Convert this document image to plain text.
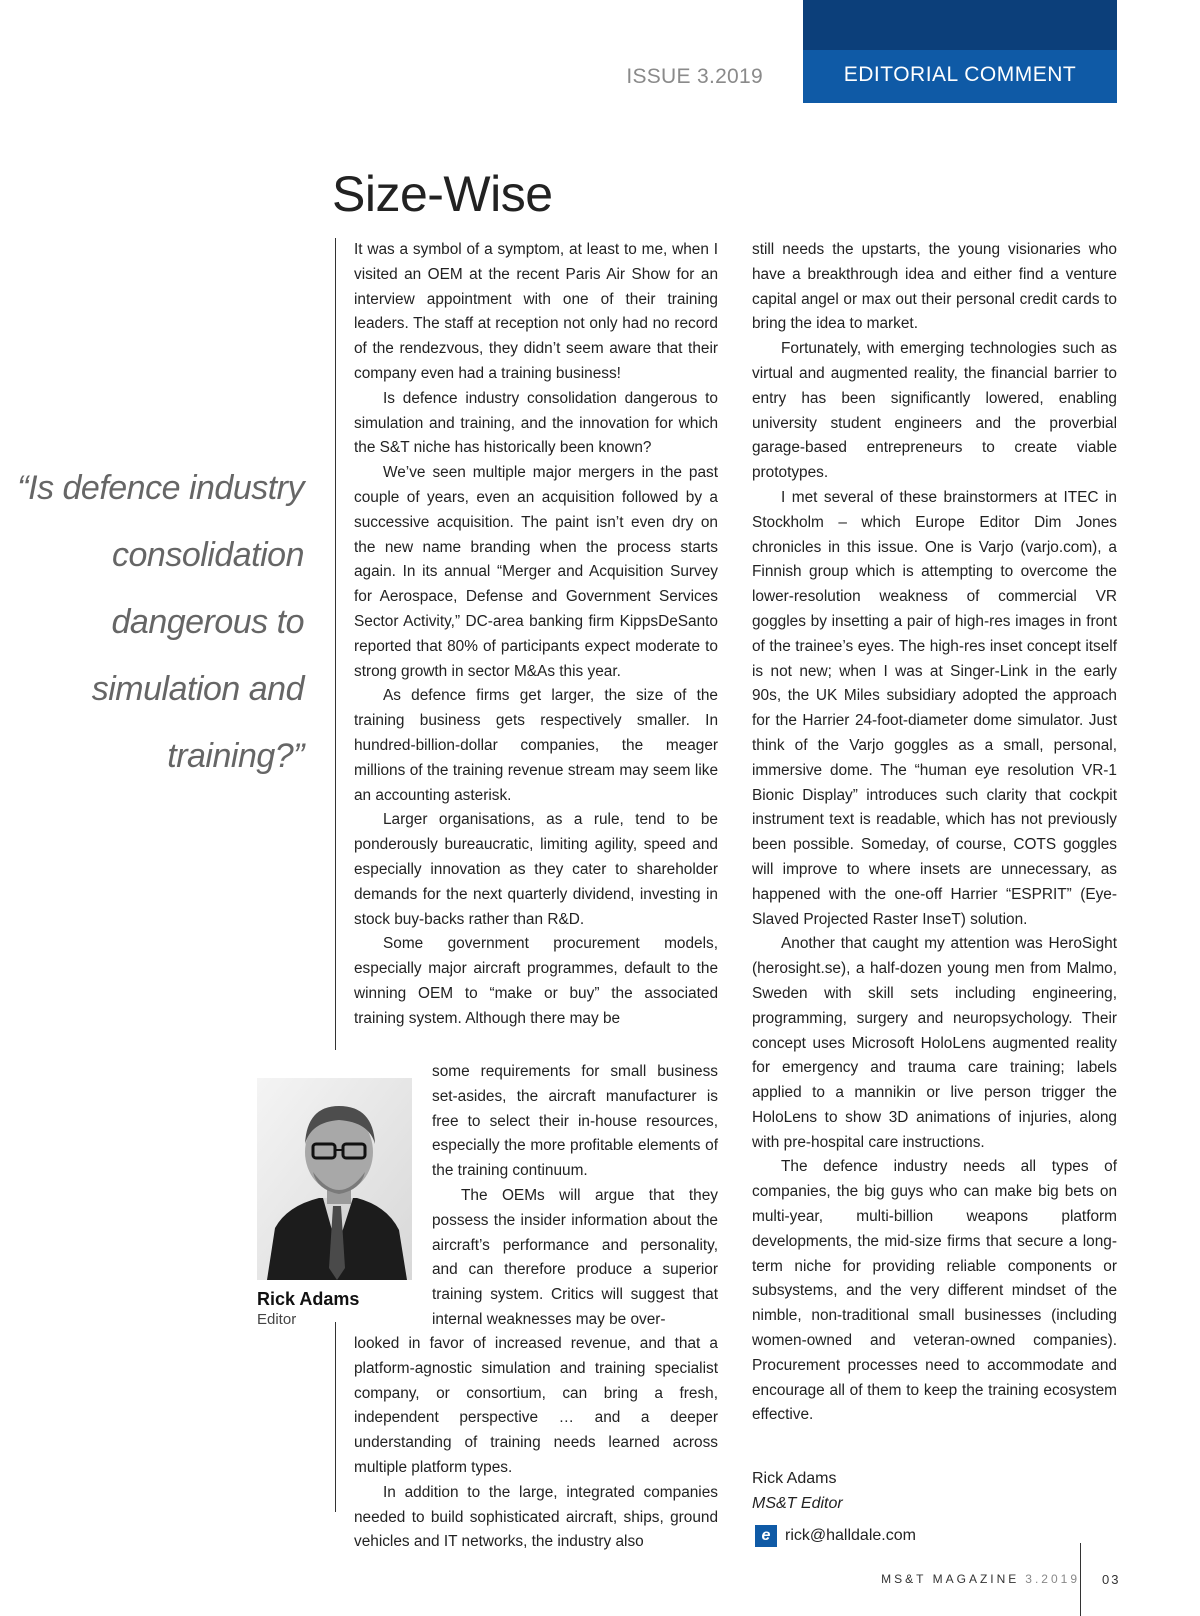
EDITORIAL COMMENT
ISSUE 3.2019
Size-Wise
“Is defence industry consolidation dangerous to simulation and training?”

It was a symbol of a symptom, at least to me, when I visited an OEM at the recent Paris Air Show for an interview appointment with one of their training leaders. The staff at reception not only had no record of the rendezvous, they didn’t seem aware that their company even had a training business!

Is defence industry consolidation dangerous to simulation and training, and the innovation for which the S&T niche has historically been known?

We’ve seen multiple major mergers in the past couple of years, even an acquisition followed by a successive acquisition. The paint isn’t even dry on the new name branding when the process starts again. In its annual “Merger and Acquisition Survey for Aerospace, Defense and Government Services Sector Activity,” DC-area banking firm KippsDeSanto reported that 80% of participants expect moderate to strong growth in sector M&As this year.

As defence firms get larger, the size of the training business gets respectively smaller. In hundred-billion-dollar companies, the meager millions of the training revenue stream may seem like an accounting asterisk.

Larger organisations, as a rule, tend to be ponderously bureaucratic, limiting agility, speed and especially innovation as they cater to shareholder demands for the next quarterly dividend, investing in stock buy-backs rather than R&D.

Some government procurement models, especially major aircraft programmes, default to the winning OEM to “make or buy” the associated training system. Although there may be

Rick Adams
Editor

some requirements for small business set-asides, the aircraft manufacturer is free to select their in-house resources, especially the more profitable elements of the training continuum.

The OEMs will argue that they possess the insider information about the aircraft’s performance and personality, and can therefore produce a superior training system. Critics will suggest that internal weaknesses may be over-

looked in favor of increased revenue, and that a platform-agnostic simulation and training specialist company, or consortium, can bring a fresh, independent perspective … and a deeper understanding of training needs learned across multiple platform types.

In addition to the large, integrated companies needed to build sophisticated aircraft, ships, ground vehicles and IT networks, the industry also

still needs the upstarts, the young visionaries who have a breakthrough idea and either find a venture capital angel or max out their personal credit cards to bring the idea to market.

Fortunately, with emerging technologies such as virtual and augmented reality, the financial barrier to entry has been significantly lowered, enabling university student engineers and the proverbial garage-based entrepreneurs to create viable prototypes.

I met several of these brainstormers at ITEC in Stockholm – which Europe Editor Dim Jones chronicles in this issue. One is Varjo (varjo.com), a Finnish group which is attempting to overcome the lower-resolution weakness of commercial VR goggles by insetting a pair of high-res images in front of the trainee’s eyes. The high-res inset concept itself is not new; when I was at Singer-Link in the early 90s, the UK Miles subsidiary adopted the approach for the Harrier 24-foot-diameter dome simulator. Just think of the Varjo goggles as a small, personal, immersive dome. The “human eye resolution VR-1 Bionic Display” introduces such clarity that cockpit instrument text is readable, which has not previously been possible. Someday, of course, COTS goggles will improve to where insets are unnecessary, as happened with the one-off Harrier “ESPRIT” (Eye-Slaved Projected Raster InseT) solution.

Another that caught my attention was HeroSight (herosight.se), a half-dozen young men from Malmo, Sweden with skill sets including engineering, programming, surgery and neuropsychology. Their concept uses Microsoft HoloLens augmented reality for emergency and trauma care training; labels applied to a mannikin or live person trigger the HoloLens to show 3D animations of injuries, along with pre-hospital care instructions.

The defence industry needs all types of companies, the big guys who can make big bets on multi-year, multi-billion weapons platform developments, the mid-size firms that secure a long-term niche for providing reliable components or subsystems, and the very different mindset of the nimble, non-traditional small businesses (including women-owned and veteran-owned companies). Procurement processes need to accommodate and encourage all of them to keep the training ecosystem effective.

Rick Adams
MS&T Editor
e rick@halldale.com
MS&T MAGAZINE 3.2019 03
